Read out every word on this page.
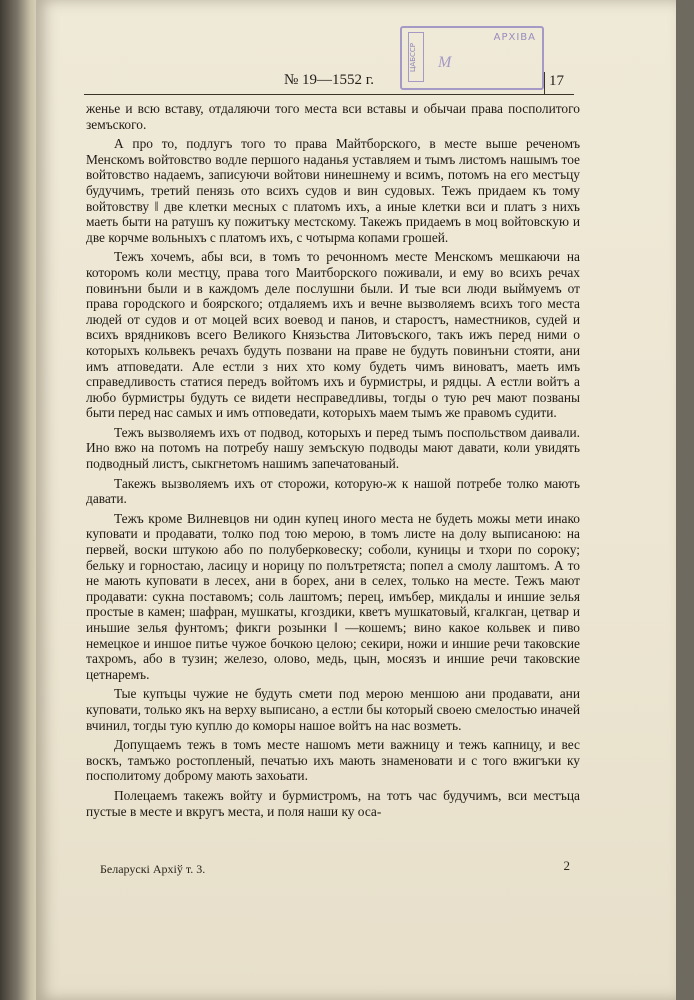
ЦАБССР
АРХІВА
М
№ 19—1552 г.	17

женье и всю вставу, отдаляючи того места вси вставы и обычаи права посполитого земъского.

А про то, подлугъ того то права Майтборского, в месте выше реченомъ Менскомъ войтовство водле першого наданья уставляем и тымъ листомъ нашымъ тое войтовство надаемъ, записуючи войтови нинешнему и всимъ, потомъ на его местъцу будучимъ, третий пенязь ото всихъ судов и вин судовых. Тежъ придаем къ тому войтовству ‖ две клетки месных с платомъ ихъ, а иные клетки вси и платъ з нихъ маеть быти на ратушъ ку пожитъку местскому. Такежъ придаемъ в моц войтовскую и две корчме вольныхъ с платомъ ихъ, с чотырма копами грошей.

Тежъ хочемъ, абы вси, в томъ то речонномъ месте Менскомъ мешкаючи на которомъ коли местцу, права того Маитборского поживали, и ему во всихъ речах повинъни были и в каждомъ деле послушни были. И тые вси люди выймуемъ от права городского и боярского; отдаляемъ ихъ и вечне вызволяемъ всихъ того места людей от судов и от моцей всих воевод и панов, и старостъ, наместников, судей и всихъ врядниковъ всего Великого Князьства Литовъского, такъ ижъ перед ними о которыхъ кольвекъ речахъ будуть позвани на праве не будуть повинъни стояти, ани имъ атповедати. Але естли з них хто кому будеть чимъ виноватъ, маеть имъ справедливость статися передъ войтомъ ихъ и бурмистры, и рядцы. А естли войтъ а любо бурмистры будуть се видети несправедливы, тогды о тую реч мают позваны быти перед нас самых и имъ отповедати, которыхъ маем тымъ же правомъ судити.

Тежъ вызволяемъ ихъ от подвод, которыхъ и перед тымъ поспольством даивали. Ино вжо на потомъ на потребу нашу земъскую подводы мают давати, коли увидять подводный листъ, сыкгнетомъ нашимъ запечатованый.

Такежъ вызволяемъ ихъ от сторожи, которую-ж к нашой потребе толко мають давати.

Тежъ кроме Вилневцов ни один купец иного места не будеть можы мети инако куповати и продавати, толко под тою мерою, в томъ листе на долу выписаною: на первей, воски штукою або по полуберковеску; соболи, куницы и тхори по сороку; бельку и горностаю, ласицу и норицу по полътретяста; попел а смолу лаштомъ. А то не мають куповати в лесех, ани в борех, ани в селех, только на месте. Тежъ мают продавати: сукна поставомъ; соль лаштомъ; перец, имъбер, микдалы и иншие зелья простые в камен; шафран, мушкаты, кгоздики, кветъ мушкатовый, кгалкган, цетвар и иньшие зелья фунтомъ; фикги розынки ‖ —кошемъ; вино какое кольвек и пиво немецкое и иншое питье чужое бочкою целою; секири, ножи и иншие речи таковские тахромъ, або в тузин; железо, олово, медь, цын, мосязъ и иншие речи таковские цетнаремъ.

Тые купъцы чужие не будуть смети под мерою меншою ани продавати, ани куповати, только якъ на верху выписано, а естли бы который своею смелостью иначей вчинил, тогды тую куплю до коморы нашое войтъ на нас возметь.

Допущаемъ тежъ в томъ месте нашомъ мети важницу и тежъ капницу, и вес воскъ, тамъжо ростопленый, печатью ихъ мають знаменовати и с того вжигъки ку посполитому доброму мають захоьати.

Полецаемъ такежъ войту и бурмистромъ, на тотъ час будучимъ, вси местъца пустые в месте и вкругъ места, и поля наши ку оса-

Беларускі Архіў т. 3.	2
